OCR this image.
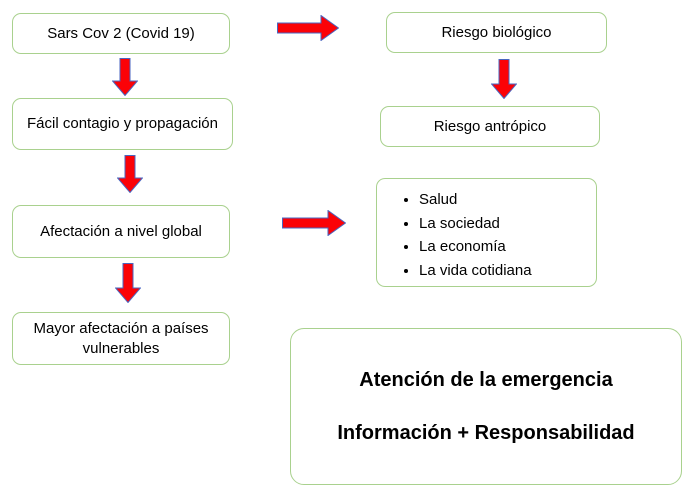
Sars Cov 2 (Covid 19)
Fácil contagio y propagación
Afectación a nivel global
Mayor afectación a países vulnerables
Riesgo biológico
Riesgo antrópico
• Salud
• La sociedad
• La economía
• La vida cotidiana
Atención de la emergencia
Información + Responsabilidad
